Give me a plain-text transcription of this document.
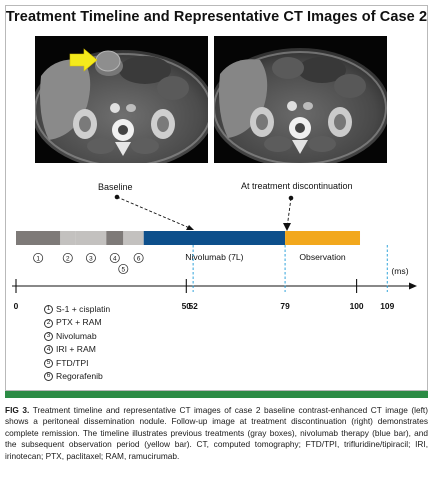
Treatment Timeline and Representative CT Images of Case 2
Baseline	At treatment discontinuation
Nivolumab (7L)	Observation
1	2	3	4
5
6
(ms)
0	50
52	79	100 109
1 S-1 + cisplatin
2 PTX + RAM
3 Nivolumab
4 IRI + RAM
5 FTD/TPI
6 Regorafenib
FIG 3. Treatment timeline and representative CT images of case 2 baseline contrast-enhanced CT image (left) shows a peritoneal dissemination nodule. Follow-up image at treatment discontinuation (right) demonstrates complete remission. The timeline illustrates previous treatments (gray boxes), nivolumab therapy (blue bar), and the subsequent observation period (yellow bar). CT, computed tomography; FTD/TPI, trifluridine/tipiracil; IRI, irinotecan; PTX, paclitaxel; RAM, ramucirumab.
